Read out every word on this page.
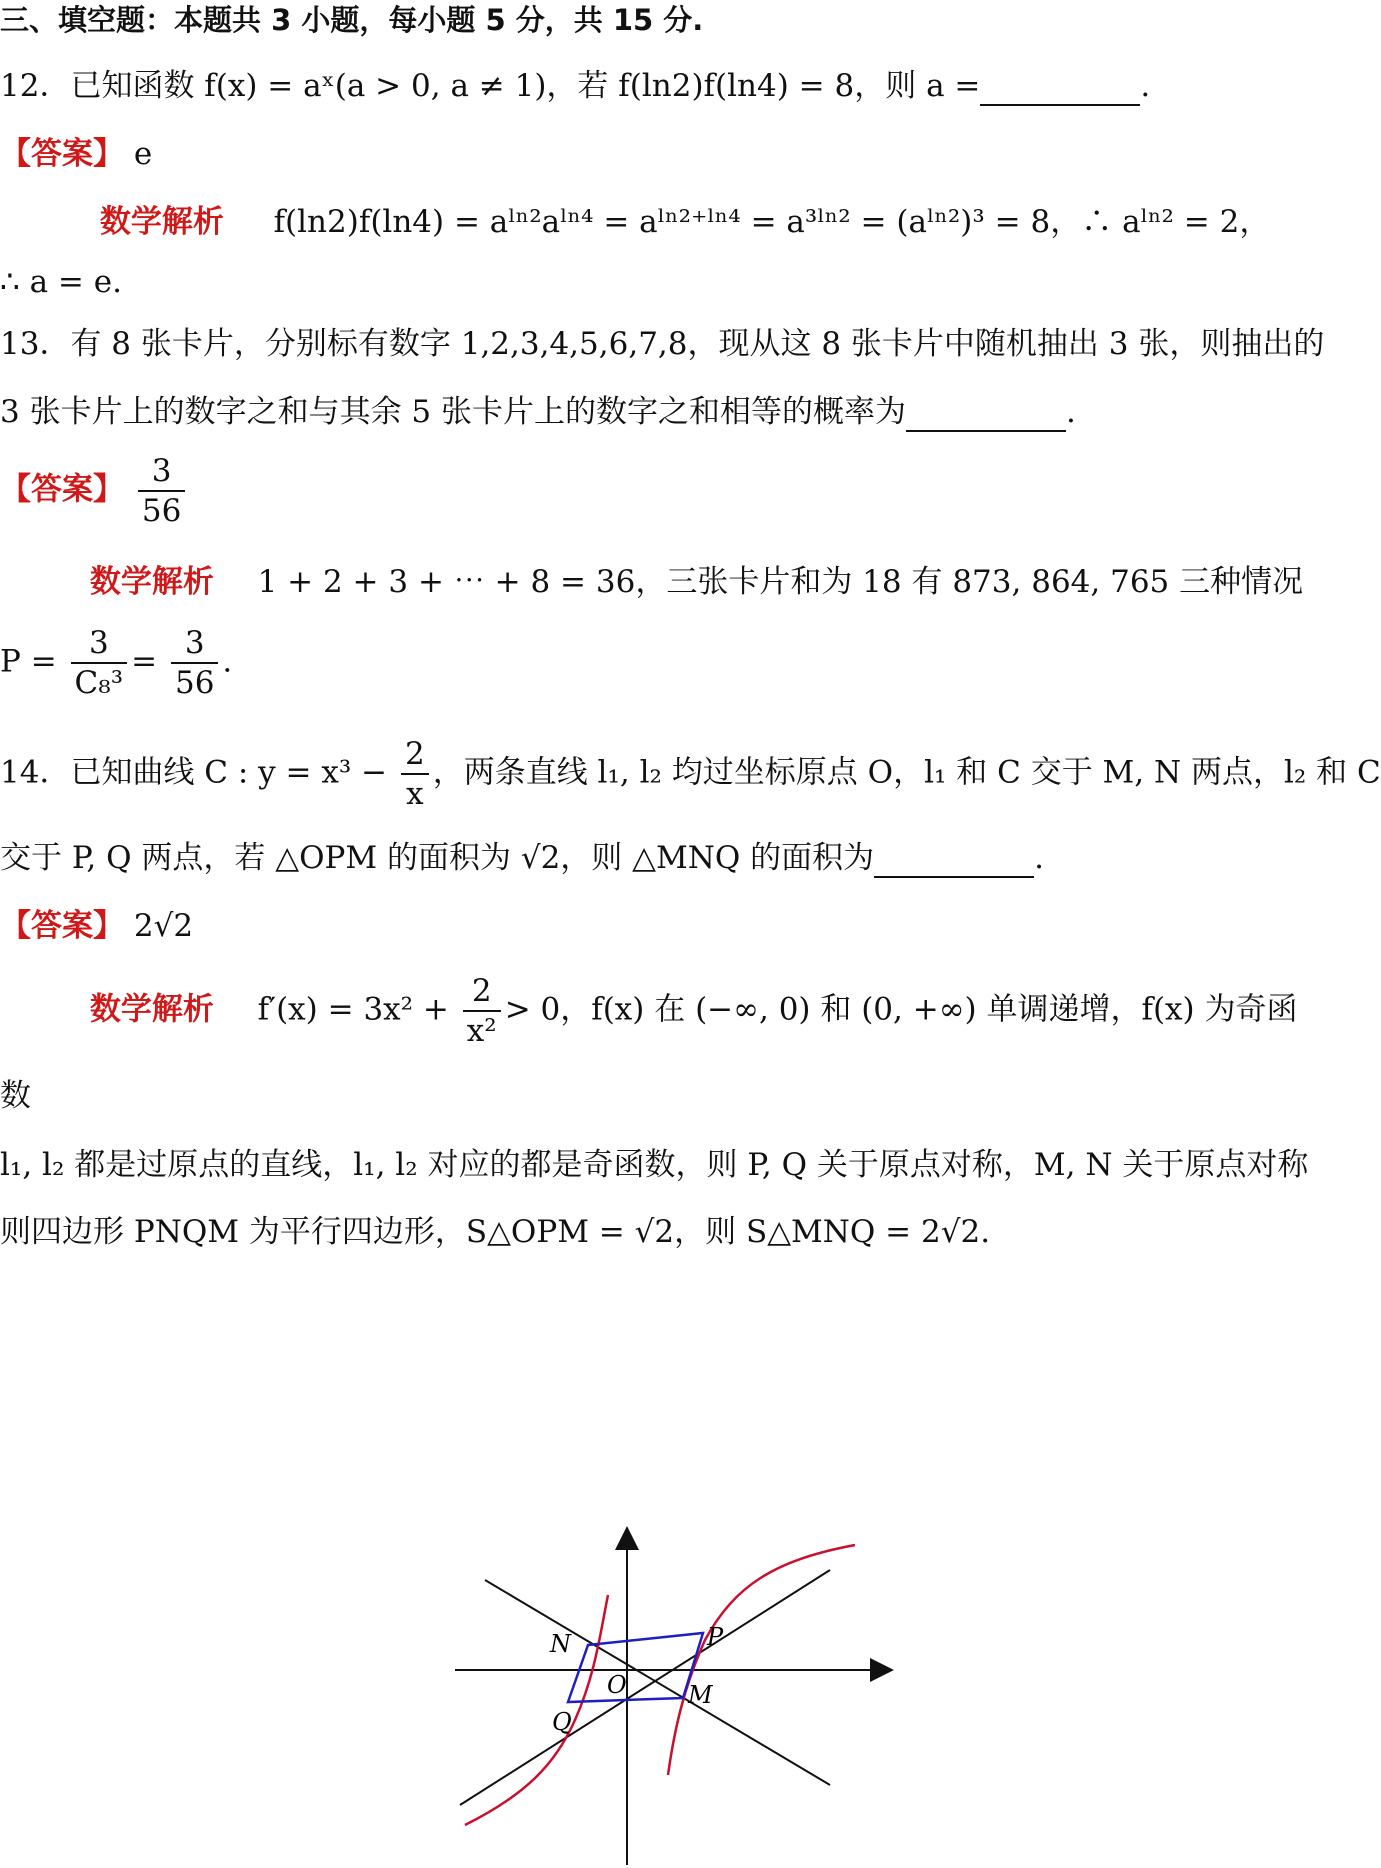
三、填空题：本题共 3 小题，每小题 5 分，共 15 分.
12．已知函数 f(x) = aˣ(a > 0, a ≠ 1)，若 f(ln2)f(ln4) = 8，则 a =	.
【答案】 e
数学解析 f(ln2)f(ln4) = aˡⁿ²aˡⁿ⁴ = aˡⁿ²⁺ˡⁿ⁴ = a³ˡⁿ² = (aˡⁿ²)³ = 8，∴ aˡⁿ² = 2，
∴ a = e.
13．有 8 张卡片，分别标有数字 1,2,3,4,5,6,7,8，现从这 8 张卡片中随机抽出 3 张，则抽出的
3 张卡片上的数字之和与其余 5 张卡片上的数字之和相等的概率为	.
【答案】 $\frac{3}{56}$
数学解析 1 + 2 + 3 + ⋯ + 8 = 36，三张卡片和为 18 有 873, 864, 765 三种情况
$P = \frac{3}{\text{C₈³}} = \frac{3}{56}$ .
14．已知曲线 C : $y = x^3 - \frac{2}{x}$ ，两条直线 l₁, l₂ 均过坐标原点 O，l₁ 和 C 交于 M, N 两点，l₂ 和 C
交于 P, Q 两点，若 △OPM 的面积为 √2，则 △MNQ 的面积为	.
【答案】 2√2
数学解析 $f'(x) = 3x^2 + \frac{2}{\text{x²}} > 0$，f(x) 在 (−∞, 0) 和 (0, +∞) 单调递增，f(x) 为奇函
数
l₁, l₂ 都是过原点的直线，l₁, l₂ 对应的都是奇函数，则 P, Q 关于原点对称，M, N 关于原点对称
则四边形 PNQM 为平行四边形，S△OPM = √2，则 S△MNQ = 2√2.
N	P
O	M
Q
